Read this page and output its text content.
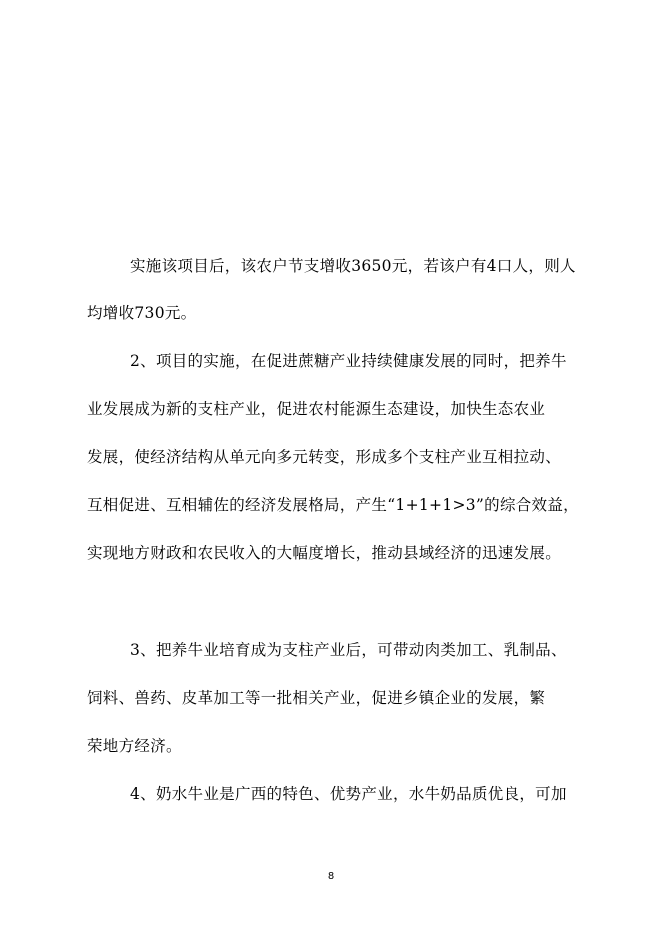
实施该项目后，该农户节支增收3650元，若该户有4口人，则人
均增收730元。
2、项目的实施，在促进蔗糖产业持续健康发展的同时，把养牛
业发展成为新的支柱产业，促进农村能源生态建设，加快生态农业
发展，使经济结构从单元向多元转变，形成多个支柱产业互相拉动、
互相促进、互相辅佐的经济发展格局，产生“1+1+1>3”的综合效益，
实现地方财政和农民收入的大幅度增长，推动县域经济的迅速发展。
3、把养牛业培育成为支柱产业后，可带动肉类加工、乳制品、
饲料、兽药、皮革加工等一批相关产业，促进乡镇企业的发展，繁
荣地方经济。
4、奶水牛业是广西的特色、优势产业，水牛奶品质优良，可加
8
